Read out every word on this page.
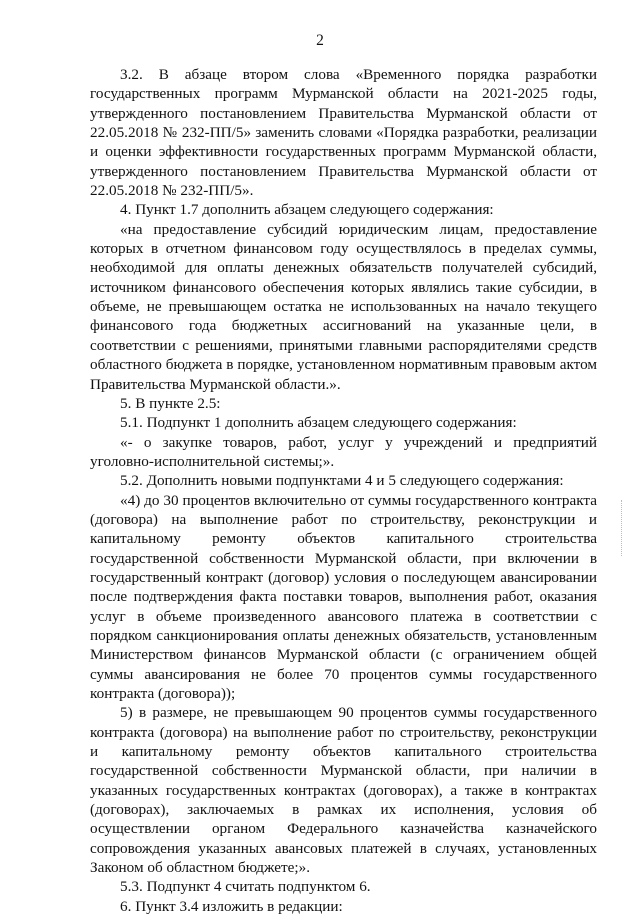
2

3.2. В абзаце втором слова «Временного порядка разработки государственных программ Мурманской области на 2021-2025 годы, утвержденного постановлением Правительства Мурманской области от 22.05.2018 № 232-ПП/5» заменить словами «Порядка разработки, реализации и оценки эффективности государственных программ Мурманской области, утвержденного постановлением Правительства Мурманской области от 22.05.2018 № 232-ПП/5».

4. Пункт 1.7 дополнить абзацем следующего содержания:

«на предоставление субсидий юридическим лицам, предоставление которых в отчетном финансовом году осуществлялось в пределах суммы, необходимой для оплаты денежных обязательств получателей субсидий, источником финансового обеспечения которых являлись такие субсидии, в объеме, не превышающем остатка не использованных на начало текущего финансового года бюджетных ассигнований на указанные цели, в соответствии с решениями, принятыми главными распорядителями средств областного бюджета в порядке, установленном нормативным правовым актом Правительства Мурманской области.».

5. В пункте 2.5:

5.1. Подпункт 1 дополнить абзацем следующего содержания:

«- о закупке товаров, работ, услуг у учреждений и предприятий уголовно-исполнительной системы;».

5.2. Дополнить новыми подпунктами 4 и 5 следующего содержания:

«4) до 30 процентов включительно от суммы государственного контракта (договора) на выполнение работ по строительству, реконструкции и капитальному ремонту объектов капитального строительства государственной собственности Мурманской области, при включении в государственный контракт (договор) условия о последующем авансировании после подтверждения факта поставки товаров, выполнения работ, оказания услуг в объеме произведенного авансового платежа в соответствии с порядком санкционирования оплаты денежных обязательств, установленным Министерством финансов Мурманской области (с ограничением общей суммы авансирования не более 70 процентов суммы государственного контракта (договора));

5) в размере, не превышающем 90 процентов суммы государственного контракта (договора) на выполнение работ по строительству, реконструкции и капитальному ремонту объектов капитального строительства государственной собственности Мурманской области, при наличии в указанных государственных контрактах (договорах), а также в контрактах (договорах), заключаемых в рамках их исполнения, условия об осуществлении органом Федерального казначейства казначейского сопровождения указанных авансовых платежей в случаях, установленных Законом об областном бюджете;».

5.3. Подпункт 4 считать подпунктом 6.

6. Пункт 3.4 изложить в редакции:
